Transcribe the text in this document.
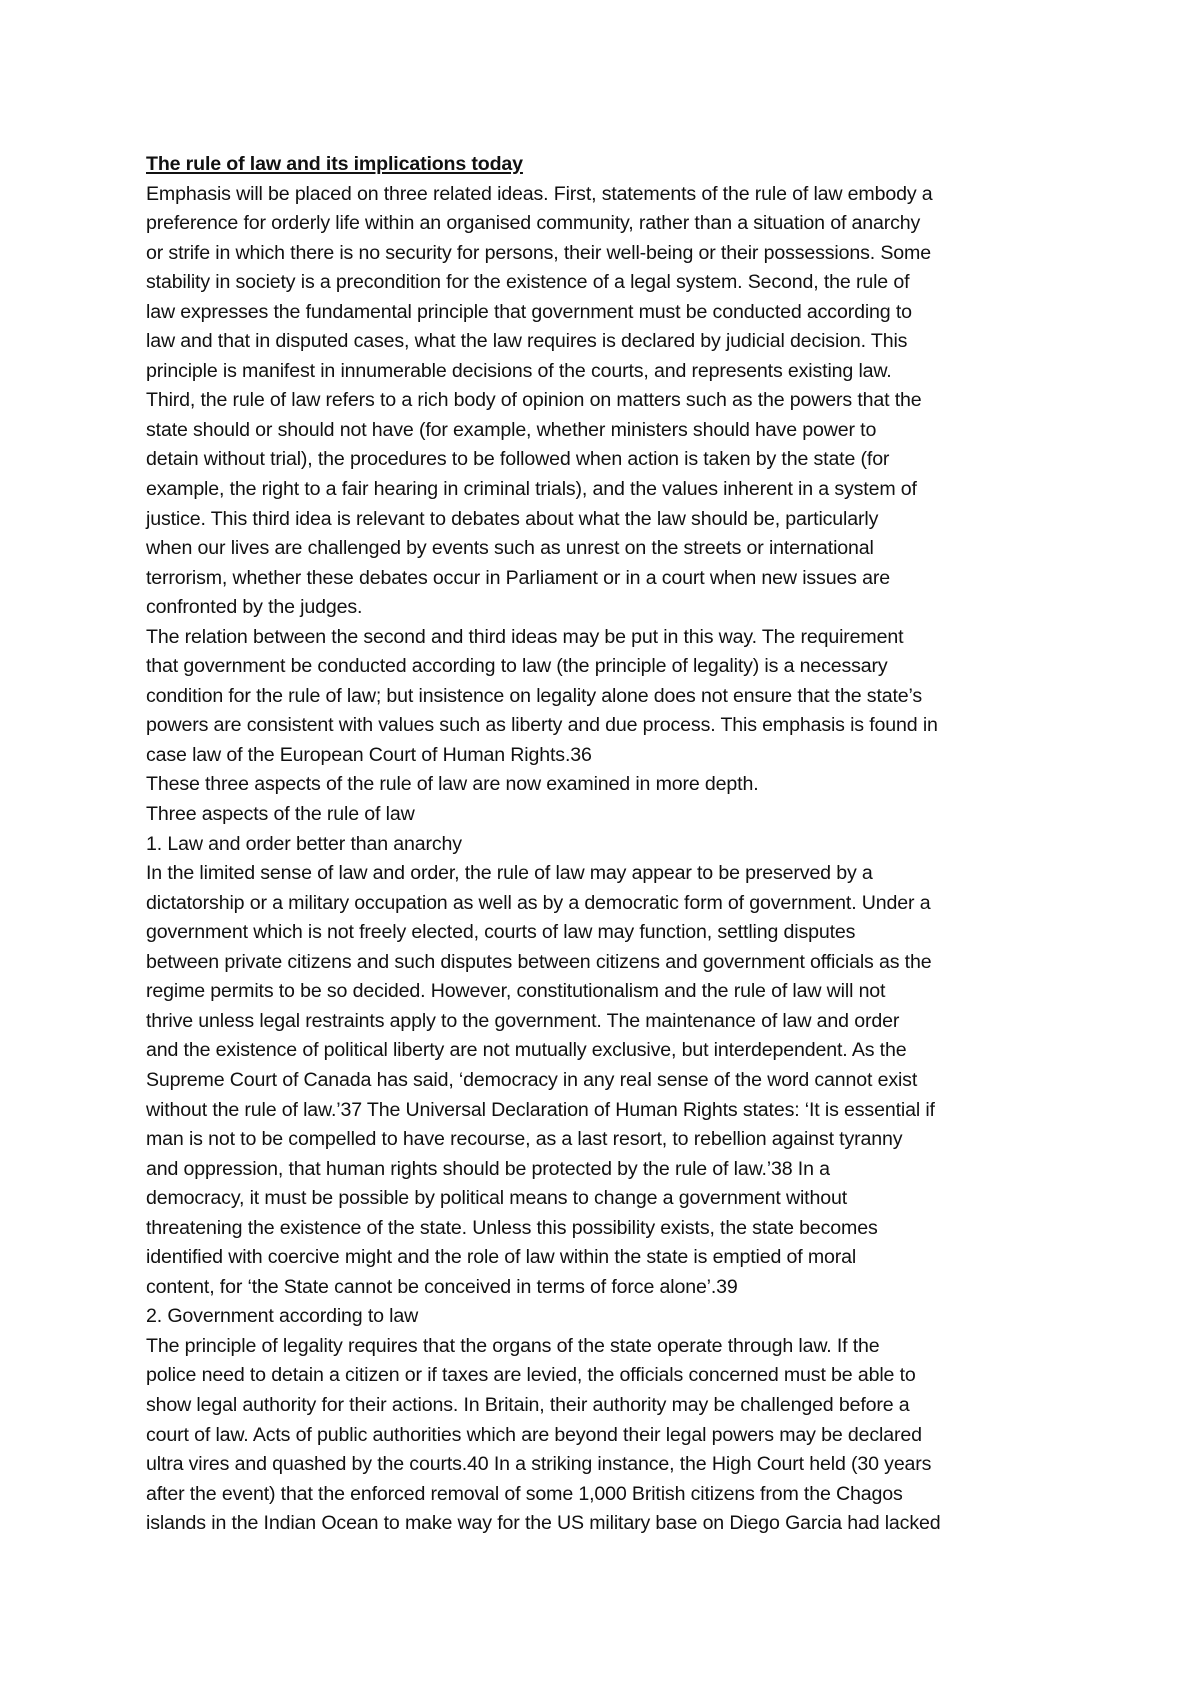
The rule of law and its implications today
Emphasis will be placed on three related ideas. First, statements of the rule of law embody a
preference for orderly life within an organised community, rather than a situation of anarchy
or strife in which there is no security for persons, their well-being or their possessions. Some
stability in society is a precondition for the existence of a legal system. Second, the rule of
law expresses the fundamental principle that government must be conducted according to
law and that in disputed cases, what the law requires is declared by judicial decision. This
principle is manifest in innumerable decisions of the courts, and represents existing law.
Third, the rule of law refers to a rich body of opinion on matters such as the powers that the
state should or should not have (for example, whether ministers should have power to
detain without trial), the procedures to be followed when action is taken by the state (for
example, the right to a fair hearing in criminal trials), and the values inherent in a system of
justice. This third idea is relevant to debates about what the law should be, particularly
when our lives are challenged by events such as unrest on the streets or international
terrorism, whether these debates occur in Parliament or in a court when new issues are
confronted by the judges.
The relation between the second and third ideas may be put in this way. The requirement
that government be conducted according to law (the principle of legality) is a necessary
condition for the rule of law; but insistence on legality alone does not ensure that the state’s
powers are consistent with values such as liberty and due process. This emphasis is found in
case law of the European Court of Human Rights.36
These three aspects of the rule of law are now examined in more depth.
Three aspects of the rule of law
1. Law and order better than anarchy
In the limited sense of law and order, the rule of law may appear to be preserved by a
dictatorship or a military occupation as well as by a democratic form of government. Under a
government which is not freely elected, courts of law may function, settling disputes
between private citizens and such disputes between citizens and government officials as the
regime permits to be so decided. However, constitutionalism and the rule of law will not
thrive unless legal restraints apply to the government. The maintenance of law and order
and the existence of political liberty are not mutually exclusive, but interdependent. As the
Supreme Court of Canada has said, ‘democracy in any real sense of the word cannot exist
without the rule of law.’37 The Universal Declaration of Human Rights states: ‘It is essential if
man is not to be compelled to have recourse, as a last resort, to rebellion against tyranny
and oppression, that human rights should be protected by the rule of law.’38 In a
democracy, it must be possible by political means to change a government without
threatening the existence of the state. Unless this possibility exists, the state becomes
identified with coercive might and the role of law within the state is emptied of moral
content, for ‘the State cannot be conceived in terms of force alone’.39
2. Government according to law
The principle of legality requires that the organs of the state operate through law. If the
police need to detain a citizen or if taxes are levied, the officials concerned must be able to
show legal authority for their actions. In Britain, their authority may be challenged before a
court of law. Acts of public authorities which are beyond their legal powers may be declared
ultra vires and quashed by the courts.40 In a striking instance, the High Court held (30 years
after the event) that the enforced removal of some 1,000 British citizens from the Chagos
islands in the Indian Ocean to make way for the US military base on Diego Garcia had lacked
